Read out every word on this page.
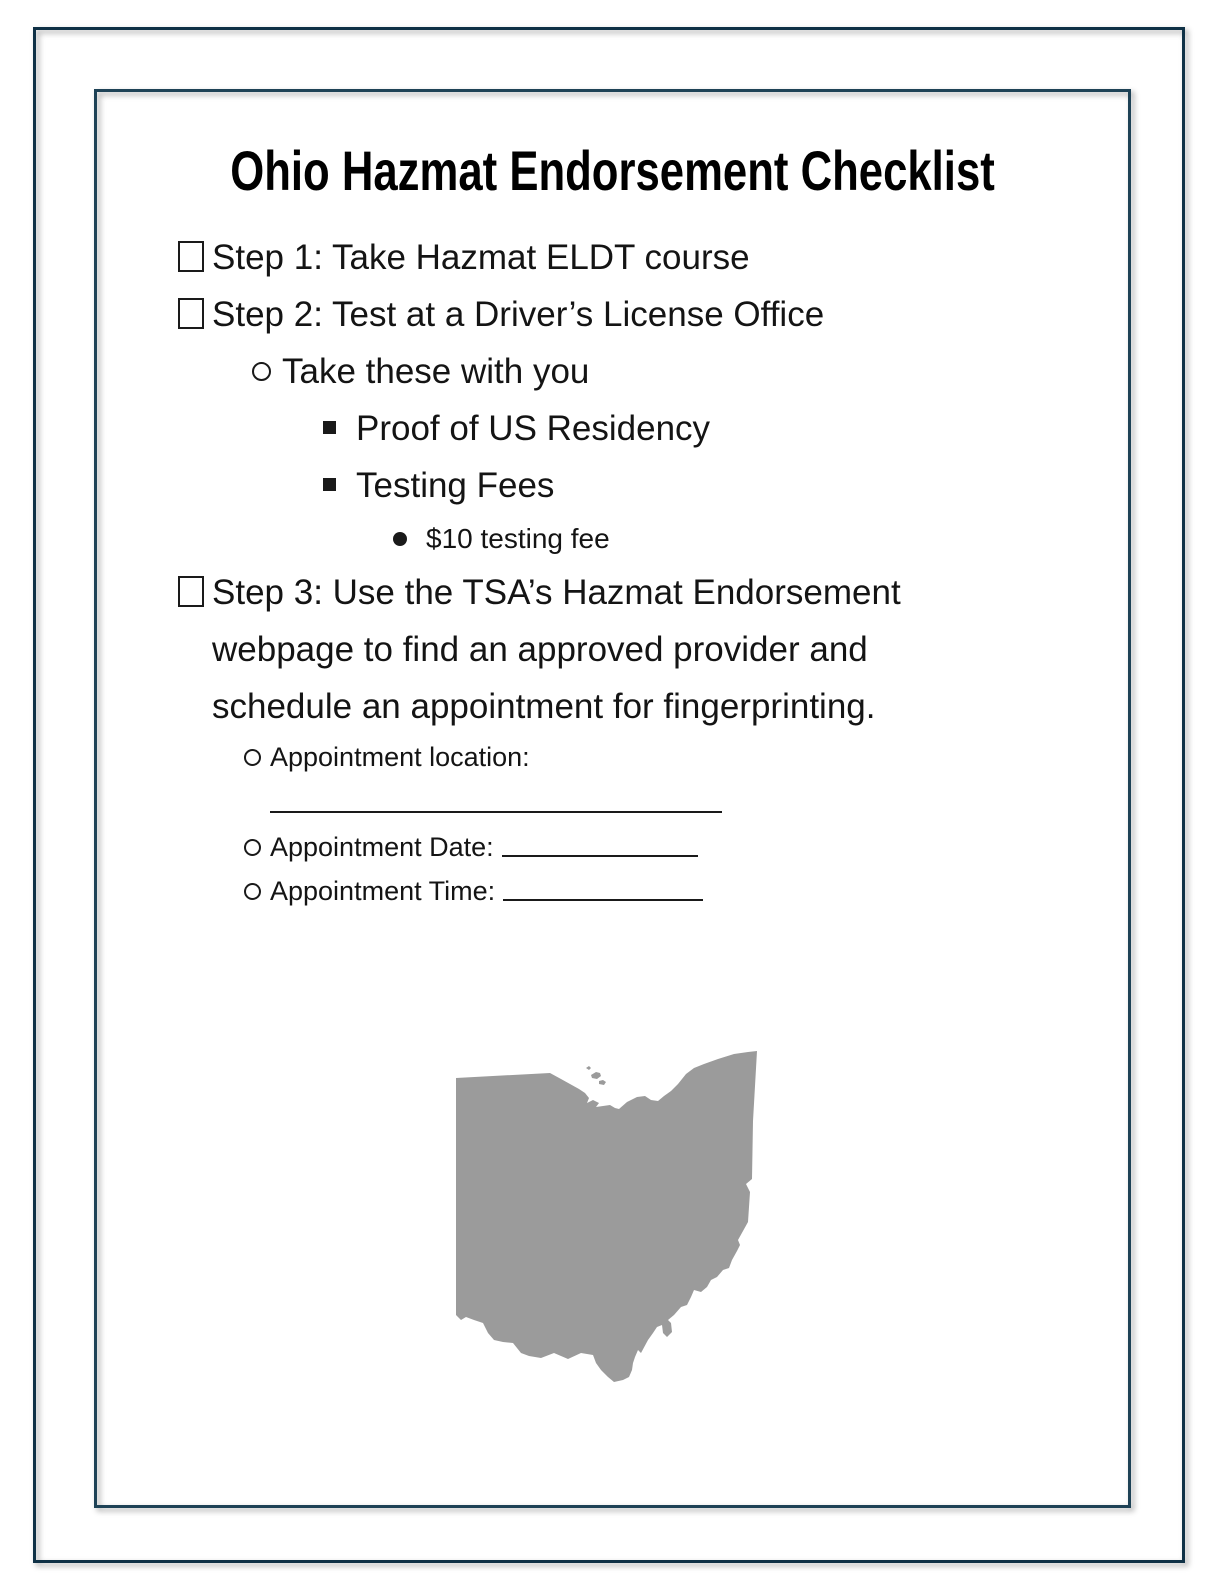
Ohio Hazmat Endorsement Checklist
Step 1: Take Hazmat ELDT course
Step 2: Test at a Driver’s License Office
Take these with you
Proof of US Residency
Testing Fees
$10 testing fee
Step 3: Use the TSA’s Hazmat Endorsement webpage to find an approved provider and schedule an appointment for fingerprinting.
Appointment location:
Appointment Date:
Appointment Time:
